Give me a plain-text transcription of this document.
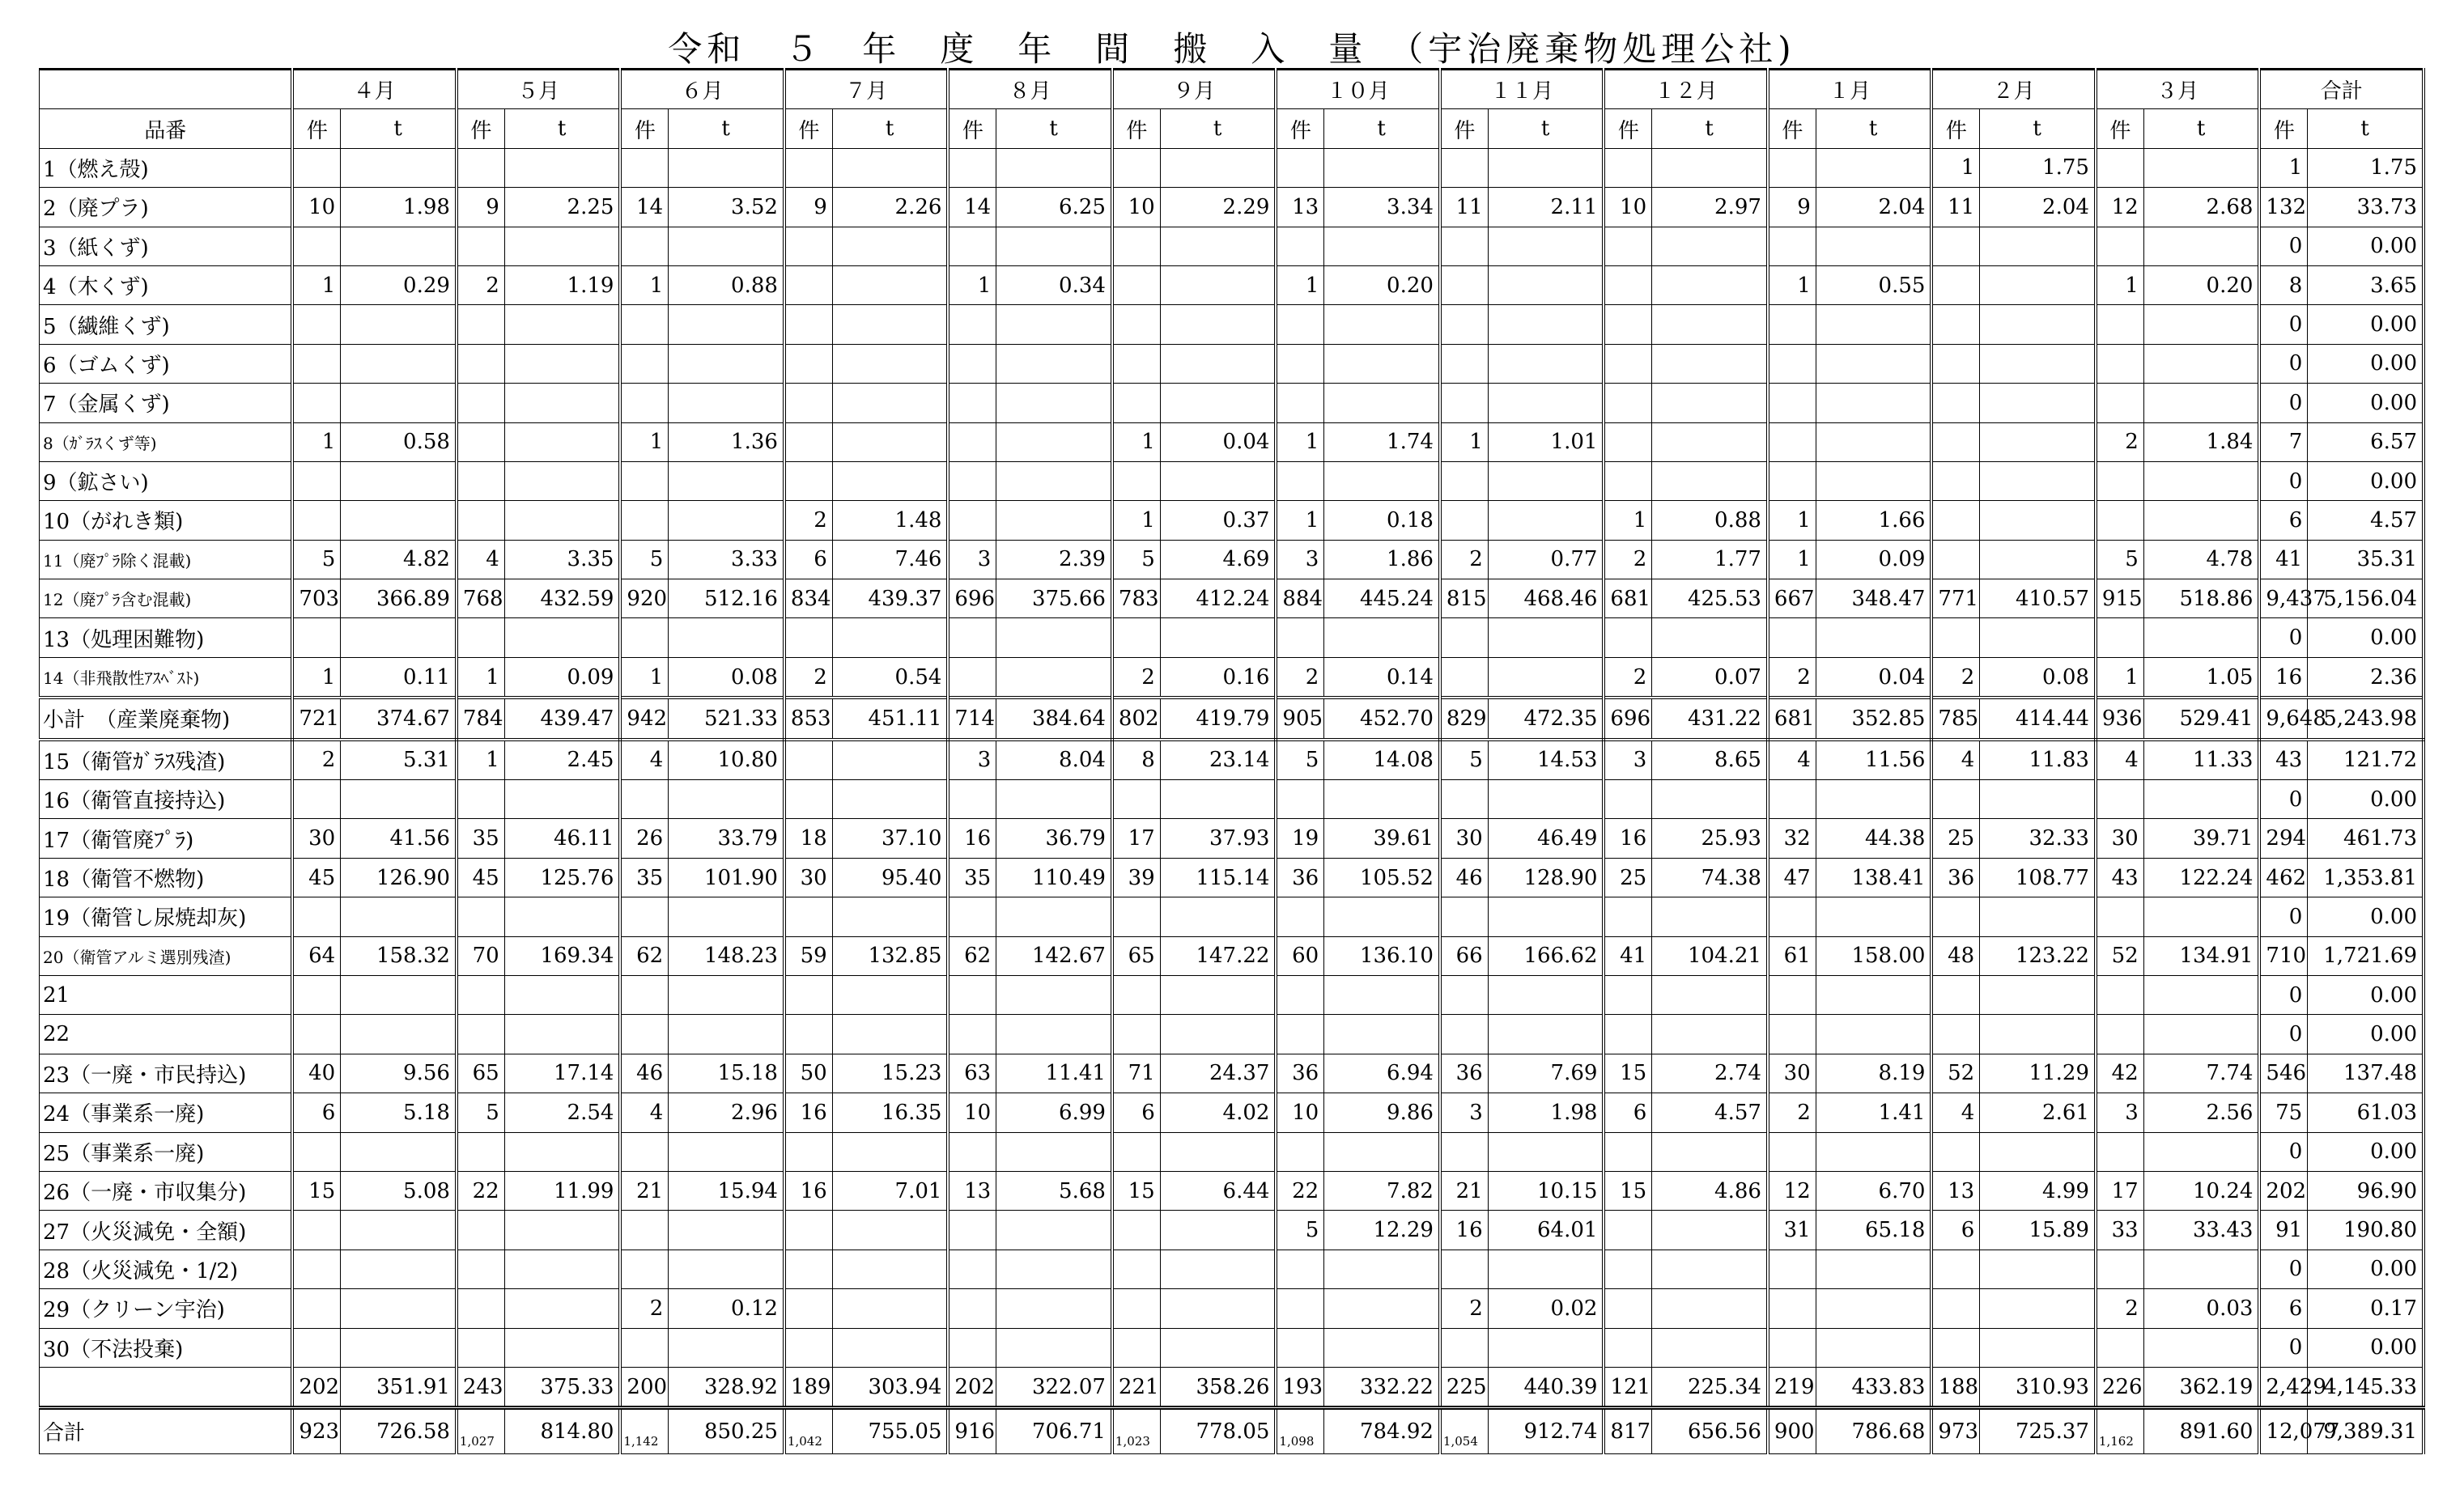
令和　５　年　度　年　間　搬　入　量　（宇治廃棄物処理公社)
	４月		５月		６月		７月		８月		９月		１０月		１１月		１２月		１月		２月		３月		合計	
品番	件	t	件	t	件	t	件	t	件	t	件	t	件	t	件	t	件	t	件	t	件	t	件	t	件	t
1（燃え殻)																					1	1.75			1	1.75
2（廃プラ)	10	1.98	9	2.25	14	3.52	9	2.26	14	6.25	10	2.29	13	3.34	11	2.11	10	2.97	9	2.04	11	2.04	12	2.68	132	33.73
3（紙くず)																									0	0.00
4（木くず)	1	0.29	2	1.19	1	0.88			1	0.34			1	0.20					1	0.55			1	0.20	8	3.65
5（繊維くず)																									0	0.00
6（ゴムくず)																									0	0.00
7（金属くず)																									0	0.00
8（ｶﾞﾗｽくず等)	1	0.58			1	1.36					1	0.04	1	1.74	1	1.01							2	1.84	7	6.57
9（鉱さい)																									0	0.00
10（がれき類)							2	1.48			1	0.37	1	0.18			1	0.88	1	1.66					6	4.57
11（廃ﾌﾟﾗ除く混載)	5	4.82	4	3.35	5	3.33	6	7.46	3	2.39	5	4.69	3	1.86	2	0.77	2	1.77	1	0.09			5	4.78	41	35.31
12（廃ﾌﾟﾗ含む混載)	703	366.89	768	432.59	920	512.16	834	439.37	696	375.66	783	412.24	884	445.24	815	468.46	681	425.53	667	348.47	771	410.57	915	518.86	9,437	5,156.04
13（処理困難物)																									0	0.00
14（非飛散性ｱｽﾍﾞｽﾄ)	1	0.11	1	0.09	1	0.08	2	0.54			2	0.16	2	0.14			2	0.07	2	0.04	2	0.08	1	1.05	16	2.36
小計　（産業廃棄物)	721	374.67	784	439.47	942	521.33	853	451.11	714	384.64	802	419.79	905	452.70	829	472.35	696	431.22	681	352.85	785	414.44	936	529.41	9,648	5,243.98
15（衛管ｶﾞﾗｽ残渣)	2	5.31	1	2.45	4	10.80			3	8.04	8	23.14	5	14.08	5	14.53	3	8.65	4	11.56	4	11.83	4	11.33	43	121.72
16（衛管直接持込)																									0	0.00
17（衛管廃ﾌﾟﾗ)	30	41.56	35	46.11	26	33.79	18	37.10	16	36.79	17	37.93	19	39.61	30	46.49	16	25.93	32	44.38	25	32.33	30	39.71	294	461.73
18（衛管不燃物)	45	126.90	45	125.76	35	101.90	30	95.40	35	110.49	39	115.14	36	105.52	46	128.90	25	74.38	47	138.41	36	108.77	43	122.24	462	1,353.81
19（衛管し尿焼却灰)																									0	0.00
20（衛管アルミ選別残渣)	64	158.32	70	169.34	62	148.23	59	132.85	62	142.67	65	147.22	60	136.10	66	166.62	41	104.21	61	158.00	48	123.22	52	134.91	710	1,721.69
21																									0	0.00
22																									0	0.00
23（一廃・市民持込)	40	9.56	65	17.14	46	15.18	50	15.23	63	11.41	71	24.37	36	6.94	36	7.69	15	2.74	30	8.19	52	11.29	42	7.74	546	137.48
24（事業系一廃)	6	5.18	5	2.54	4	2.96	16	16.35	10	6.99	6	4.02	10	9.86	3	1.98	6	4.57	2	1.41	4	2.61	3	2.56	75	61.03
25（事業系一廃)																									0	0.00
26（一廃・市収集分)	15	5.08	22	11.99	21	15.94	16	7.01	13	5.68	15	6.44	22	7.82	21	10.15	15	4.86	12	6.70	13	4.99	17	10.24	202	96.90
27（火災減免・全額)													5	12.29	16	64.01			31	65.18	6	15.89	33	33.43	91	190.80
28（火災減免・1/2)																									0	0.00
29（クリーン宇治)					2	0.12									2	0.02							2	0.03	6	0.17
30（不法投棄)																									0	0.00
	202	351.91	243	375.33	200	328.92	189	303.94	202	322.07	221	358.26	193	332.22	225	440.39	121	225.34	219	433.83	188	310.93	226	362.19	2,429	4,145.33
合計	923	726.58	1,027	814.80	1,142	850.25	1,042	755.05	916	706.71	1,023	778.05	1,098	784.92	1,054	912.74	817	656.56	900	786.68	973	725.37	1,162	891.60	12,077	9,389.31
